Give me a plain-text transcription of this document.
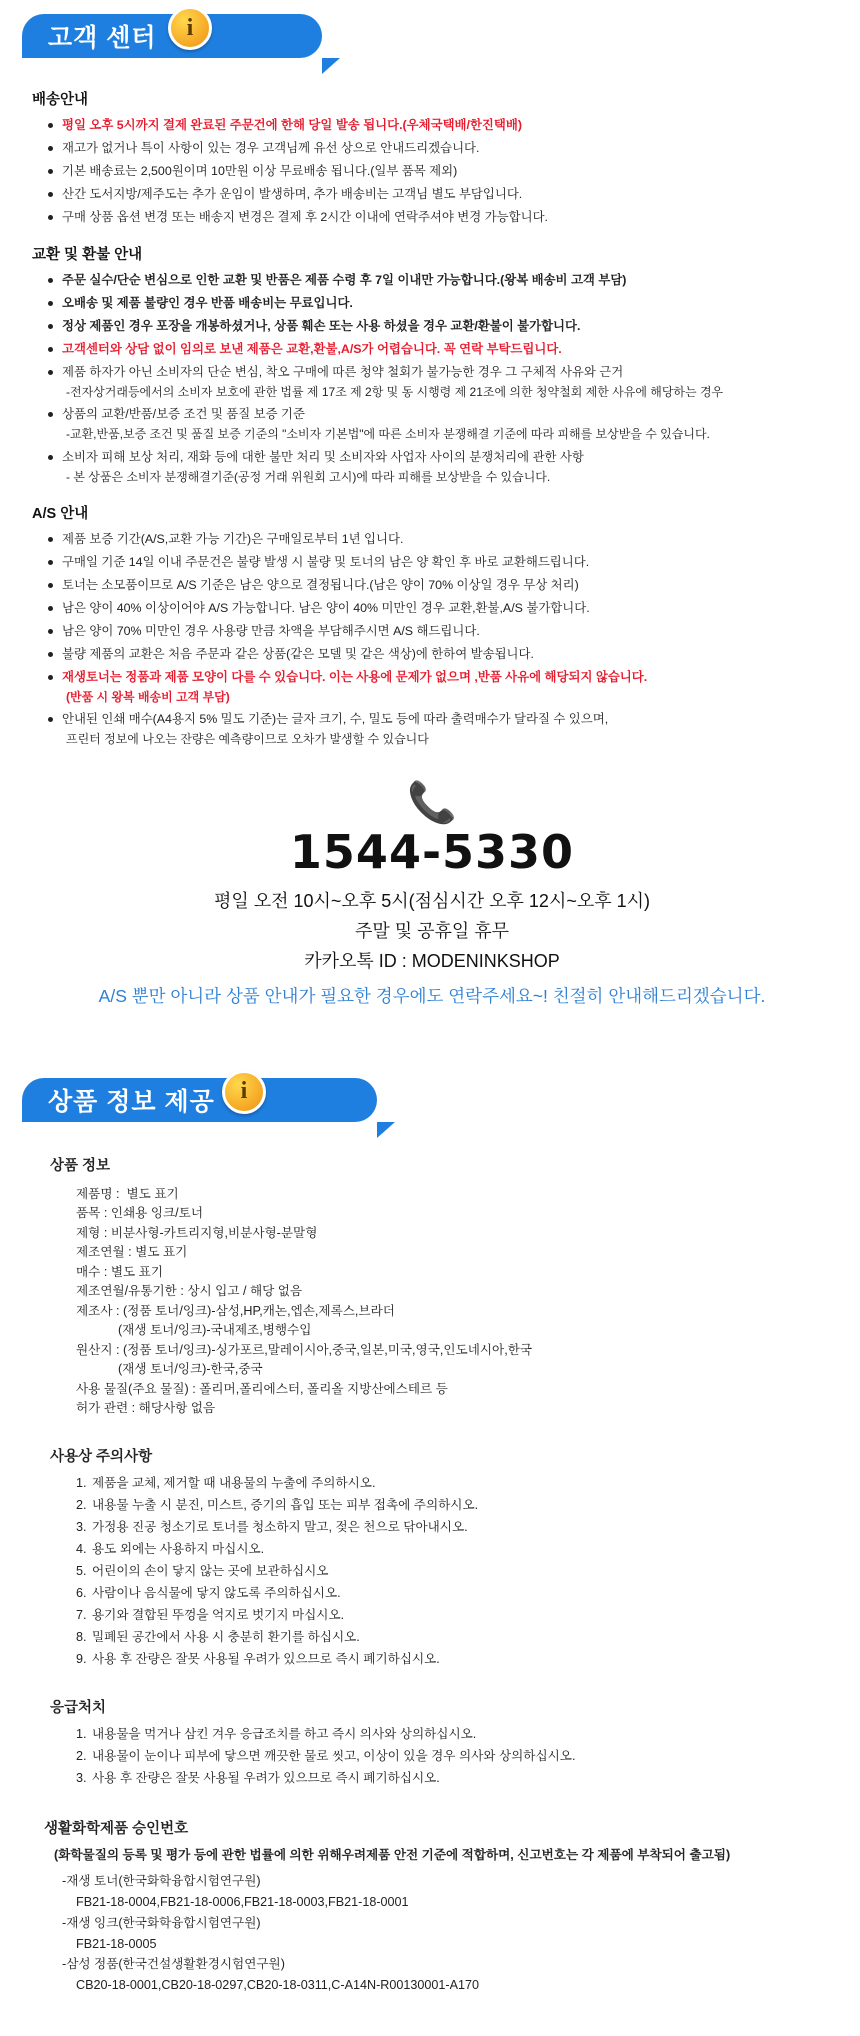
고객 센터	i
배송안내
평일 오후 5시까지 결제 완료된 주문건에 한해 당일 발송 됩니다.(우체국택배/한진택배)
재고가 없거나 특이 사항이 있는 경우 고객님께 유선 상으로 안내드리겠습니다.
기본 배송료는 2,500원이며 10만원 이상 무료배송 됩니다.(일부 품목 제외)
산간 도서지방/제주도는 추가 운임이 발생하며, 추가 배송비는 고객님 별도 부담입니다.
구매 상품 옵션 변경 또는 배송지 변경은 결제 후 2시간 이내에 연락주셔야 변경 가능합니다.
교환 및 환불 안내
주문 실수/단순 변심으로 인한 교환 및 반품은 제품 수령 후 7일 이내만 가능합니다.(왕복 배송비 고객 부담)
오배송 및 제품 불량인 경우 반품 배송비는 무료입니다.
정상 제품인 경우 포장을 개봉하셨거나, 상품 훼손 또는 사용 하셨을 경우 교환/환불이 불가합니다.
고객센터와 상담 없이 임의로 보낸 제품은 교환,환불,A/S가 어렵습니다. 꼭 연락 부탁드립니다.
제품 하자가 아닌 소비자의 단순 변심, 착오 구매에 따른 청약 철회가 불가능한 경우 그 구체적 사유와 근거
-전자상거래등에서의 소비자 보호에 관한 법률 제 17조 제 2항 및 동 시행령 제 21조에 의한 청약철회 제한 사유에 해당하는 경우
상품의 교환/반품/보증 조건 및 품질 보증 기준
-교환,반품,보증 조건 및 품질 보증 기준의 "소비자 기본법"에 따른 소비자 분쟁해결 기준에 따라 피해를 보상받을 수 있습니다.
소비자 피해 보상 처리, 재화 등에 대한 불만 처리 및 소비자와 사업자 사이의 분쟁처리에 관한 사항
- 본 상품은 소비자 분쟁해결기준(공정 거래 위원회 고시)에 따라 피해를 보상받을 수 있습니다.
A/S 안내
제품 보증 기간(A/S,교환 가능 기간)은 구매일로부터 1년 입니다.
구매일 기준 14일 이내 주문건은 불량 발생 시 불량 및 토너의 남은 양 확인 후 바로 교환해드립니다.
토너는 소모품이므로 A/S 기준은 남은 양으로 결정됩니다.(남은 양이 70% 이상일 경우 무상 처리)
남은 양이 40% 이상이어야 A/S 가능합니다. 남은 양이 40% 미만인 경우 교환,환불,A/S 불가합니다.
남은 양이 70% 미만인 경우 사용량 만큼 차액을 부담해주시면 A/S 해드립니다.
불량 제품의 교환은 처음 주문과 같은 상품(같은 모델 및 같은 색상)에 한하여 발송됩니다.
재생토너는 정품과 제품 모양이 다를 수 있습니다. 이는 사용에 문제가 없으며 ,반품 사유에 해당되지 않습니다.
(반품 시 왕복 배송비 고객 부담)
안내된 인쇄 매수(A4용지 5% 밀도 기준)는 글자 크기, 수, 밀도 등에 따라 출력매수가 달라질 수 있으며,
프린터 정보에 나오는 잔량은 예측량이므로 오차가 발생할 수 있습니다
📞
1544-5330
평일 오전 10시~오후 5시(점심시간 오후 12시~오후 1시)
주말 및 공휴일 휴무
카카오톡 ID : MODENINKSHOP
A/S 뿐만 아니라 상품 안내가 필요한 경우에도 연락주세요~! 친절히 안내해드리겠습니다.
상품 정보 제공	i
상품 정보
제품명 :  별도 표기
품목 : 인쇄용 잉크/토너
제형 : 비분사형-카트리지형,비분사형-분말형
제조연월 : 별도 표기
매수 : 별도 표기
제조연월/유통기한 : 상시 입고 / 해당 없음
제조사 : (정품 토너/잉크)-삼성,HP,캐논,엡손,제록스,브라더
(재생 토너/잉크)-국내제조,병행수입
원산지 : (정품 토너/잉크)-싱가포르,말레이시아,중국,일본,미국,영국,인도네시아,한국
(재생 토너/잉크)-한국,중국
사용 물질(주요 물질) : 폴리머,폴리에스터, 폴리올 지방산에스테르 등
허가 관련 : 해당사항 없음
사용상 주의사항
1. 제품을 교체, 제거할 때 내용물의 누출에 주의하시오.
2. 내용물 누출 시 분진, 미스트, 증기의 흡입 또는 피부 접촉에 주의하시오.
3. 가정용 진공 청소기로 토너를 청소하지 말고, 젖은 천으로 닦아내시오.
4. 용도 외에는 사용하지 마십시오.
5. 어린이의 손이 닿지 않는 곳에 보관하십시오
6. 사람이나 음식물에 닿지 않도록 주의하십시오.
7. 용기와 결합된 뚜껑을 억지로 벗기지 마십시오.
8. 밀폐된 공간에서 사용 시 충분히 환기를 하십시오.
9. 사용 후 잔량은 잘못 사용될 우려가 있으므로 즉시 폐기하십시오.
응급처치
1. 내용물을 먹거나 삼킨 겨우 응급조치를 하고 즉시 의사와 상의하십시오.
2. 내용물이 눈이나 피부에 닿으면 깨끗한 물로 씻고, 이상이 있을 경우 의사와 상의하십시오.
3. 사용 후 잔량은 잘못 사용될 우려가 있으므로 즉시 폐기하십시오.
생활화학제품 승인번호
(화학물질의 등록 및 평가 등에 관한 법률에 의한 위해우려제품 안전 기준에 적합하며, 신고번호는 각 제품에 부착되어 출고됨)
-재생 토너(한국화학융합시험연구원)
FB21-18-0004,FB21-18-0006,FB21-18-0003,FB21-18-0001
-재생 잉크(한국화학융합시험연구원)
FB21-18-0005
-삼성 정품(한국건설생활환경시험연구원)
CB20-18-0001,CB20-18-0297,CB20-18-0311,C-A14N-R00130001-A170
